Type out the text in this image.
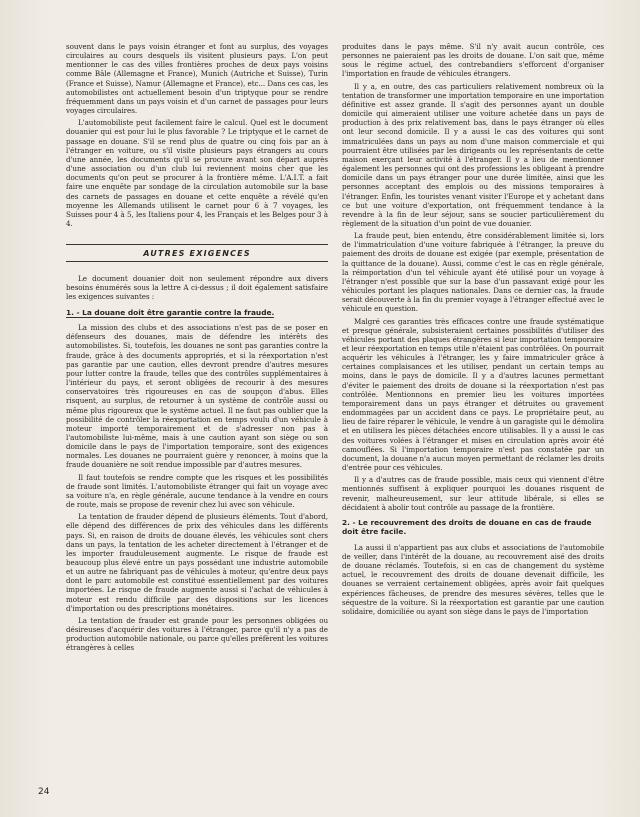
souvent dans le pays voisin étranger et font au surplus, des voyages circulaires au cours desquels ils visitent plusieurs pays. L'on peut mentionner le cas des villes frontières proches de deux pays voisins comme Bâle (Allemagne et France), Munich (Autriche et Suisse), Turin (France et Suisse), Namur (Allemagne et France), etc... Dans ces cas, les automobilistes ont actuellement besoin d'un triptyque pour se rendre fréquemment dans un pays voisin et d'un carnet de passages pour leurs voyages circulaires.

L'automobiliste peut facilement faire le calcul. Quel est le document douanier qui est pour lui le plus favorable ? Le triptyque et le carnet de passage en douane. S'il se rend plus de quatre ou cinq fois par an à l'étranger en voiture, ou s'il visite plusieurs pays étrangers au cours d'une année, les documents qu'il se procure avant son départ auprès d'une association ou d'un club lui reviennent moins cher que les documents qu'on peut se procurer à la frontière même. L'A.I.T. a fait faire une enquête par sondage de la circulation automobile sur la base des carnets de passages en douane et cette enquête a révélé qu'en moyenne les Allemands utilisent le carnet pour 6 à 7 voyages, les Suisses pour 4 à 5, les Italiens pour 4, les Français et les Belges pour 3 à 4.

AUTRES EXIGENCES

Le document douanier doit non seulement répondre aux divers besoins énumérés sous la lettre A ci-dessus ; il doit également satisfaire les exigences suivantes :

1. - La douane doit être garantie contre la fraude.

La mission des clubs et des associations n'est pas de se poser en défenseurs des douanes, mais de défendre les intérêts des automobilistes. Si, toutefois, les douanes ne sont pas garanties contre la fraude, grâce à des documents appropriés, et si la réexportation n'est pas garantie par une caution, elles devront prendre d'autres mesures pour lutter contre la fraude, telles que des contrôles supplémentaires à l'intérieur du pays, et seront obligées de recourir à des mesures conservatoires très rigoureuses en cas de soupçon d'abus. Elles risquent, au surplus, de retourner à un système de contrôle aussi ou même plus rigoureux que le système actuel. Il ne faut pas oublier que la possibilité de contrôler la réexportation en temps voulu d'un véhicule à moteur importé temporairement et de s'adresser non pas à l'automobiliste lui-même, mais à une caution ayant son siège ou son domicile dans le pays de l'importation temporaire, sont des exigences normales. Les douanes ne pourraient guère y renoncer, à moins que la fraude douanière ne soit rendue impossible par d'autres mesures.

Il faut toutefois se rendre compte que les risques et les possibilités de fraude sont limités. L'automobiliste étranger qui fait un voyage avec sa voiture n'a, en règle générale, aucune tendance à la vendre en cours de route, mais se propose de revenir chez lui avec son véhicule.

La tentation de frauder dépend de plusieurs éléments. Tout d'abord, elle dépend des différences de prix des véhicules dans les différents pays. Si, en raison de droits de douane élevés, les véhicules sont chers dans un pays, la tentation de les acheter directement à l'étranger et de les importer frauduleusement augmente. Le risque de fraude est beaucoup plus élevé entre un pays possédant une industrie automobile et un autre ne fabriquant pas de véhicules à moteur, qu'entre deux pays dont le parc automobile est constitué essentiellement par des voitures importées. Le risque de fraude augmente aussi si l'achat de véhicules à moteur est rendu difficile par des dispositions sur les licences d'importation ou des prescriptions monétaires.

La tentation de frauder est grande pour les personnes obligées ou désireuses d'acquérir des voitures à l'étranger, parce qu'il n'y a pas de production automobile nationale, ou parce qu'elles préfèrent les voitures étrangères à celles

produites dans le pays même. S'il n'y avait aucun contrôle, ces personnes ne paieraient pas les droits de douane. L'on sait que, même sous le régime actuel, des contrebandiers s'efforcent d'organiser l'importation en fraude de véhicules étrangers.

Il y a, en outre, des cas particuliers relativement nombreux où la tentation de transformer une importation temporaire en une importation définitive est assez grande. Il s'agit des personnes ayant un double domicile qui aimeraient utiliser une voiture achetée dans un pays de production à des prix relativement bas, dans le pays étranger où elles ont leur second domicile. Il y a aussi le cas des voitures qui sont immatriculées dans un pays au nom d'une maison commerciale et qui pourraient être utilisées par les dirigeants ou les représentants de cette maison exerçant leur activité à l'étranger. Il y a lieu de mentionner également les personnes qui ont des professions les obligeant à prendre domicile dans un pays étranger pour une durée limitée, ainsi que les personnes acceptant des emplois ou des missions temporaires à l'étranger. Enfin, les touristes venant visiter l'Europe et y achetant dans ce but une voiture d'exportation, ont fréquemment tendance à la revendre à la fin de leur séjour, sans se soucier particulièrement du règlement de la situation d'un point de vue douanier.

La fraude peut, bien entendu, être considérablement limitée si, lors de l'immatriculation d'une voiture fabriquée à l'étranger, la preuve du paiement des droits de douane est exigée (par exemple, présentation de la quittance de la douane). Aussi, comme c'est le cas en règle générale, la réimportation d'un tel véhicule ayant été utilisé pour un voyage à l'étranger n'est possible que sur la base d'un passavant exigé pour les véhicules portant les plaques nationales. Dans ce dernier cas, la fraude serait découverte à la fin du premier voyage à l'étranger effectué avec le véhicule en question.

Malgré ces garanties très efficaces contre une fraude systématique et presque générale, subsisteraient certaines possibilités d'utiliser des véhicules portant des plaques étrangères si leur importation temporaire et leur réexportation en temps utile n'étaient pas contrôlées. On pourrait acquérir les véhicules à l'étranger, les y faire immatriculer grâce à certaines complaisances et les utiliser, pendant un certain temps au moins, dans le pays de domicile. Il y a d'autres lacunes permettant d'éviter le paiement des droits de douane si la réexportation n'est pas contrôlée. Mentionnons en premier lieu les voitures importées temporairement dans un pays étranger et détruites ou gravement endommagées par un accident dans ce pays. Le propriétaire peut, au lieu de faire réparer le véhicule, le vendre à un garagiste qui le démolira et en utilisera les pièces détachées encore utilisables. Il y a aussi le cas des voitures volées à l'étranger et mises en circulation après avoir été camouflées. Si l'importation temporaire n'est pas constatée par un document, la douane n'a aucun moyen permettant de réclamer les droits d'entrée pour ces véhicules.

Il y a d'autres cas de fraude possible, mais ceux qui viennent d'être mentionnés suffisent à expliquer pourquoi les douanes risquent de revenir, malheureusement, sur leur attitude libérale, si elles se décidaient à abolir tout contrôle au passage de la frontière.

2. - Le recouvrement des droits de douane en cas de fraude doit être facile.

La aussi il n'appartient pas aux clubs et associations de l'automobile de veiller, dans l'intérêt de la douane, au recouvrement aisé des droits de douane réclamés. Toutefois, si en cas de changement du système actuel, le recouvrement des droits de douane devenait difficile, les douanes se verraient certainement obligées, après avoir fait quelques expériences fâcheuses, de prendre des mesures sévères, telles que le séquestre de la voiture. Si la réexportation est garantie par une caution solidaire, domiciliée ou ayant son siège dans le pays de l'importation

24
